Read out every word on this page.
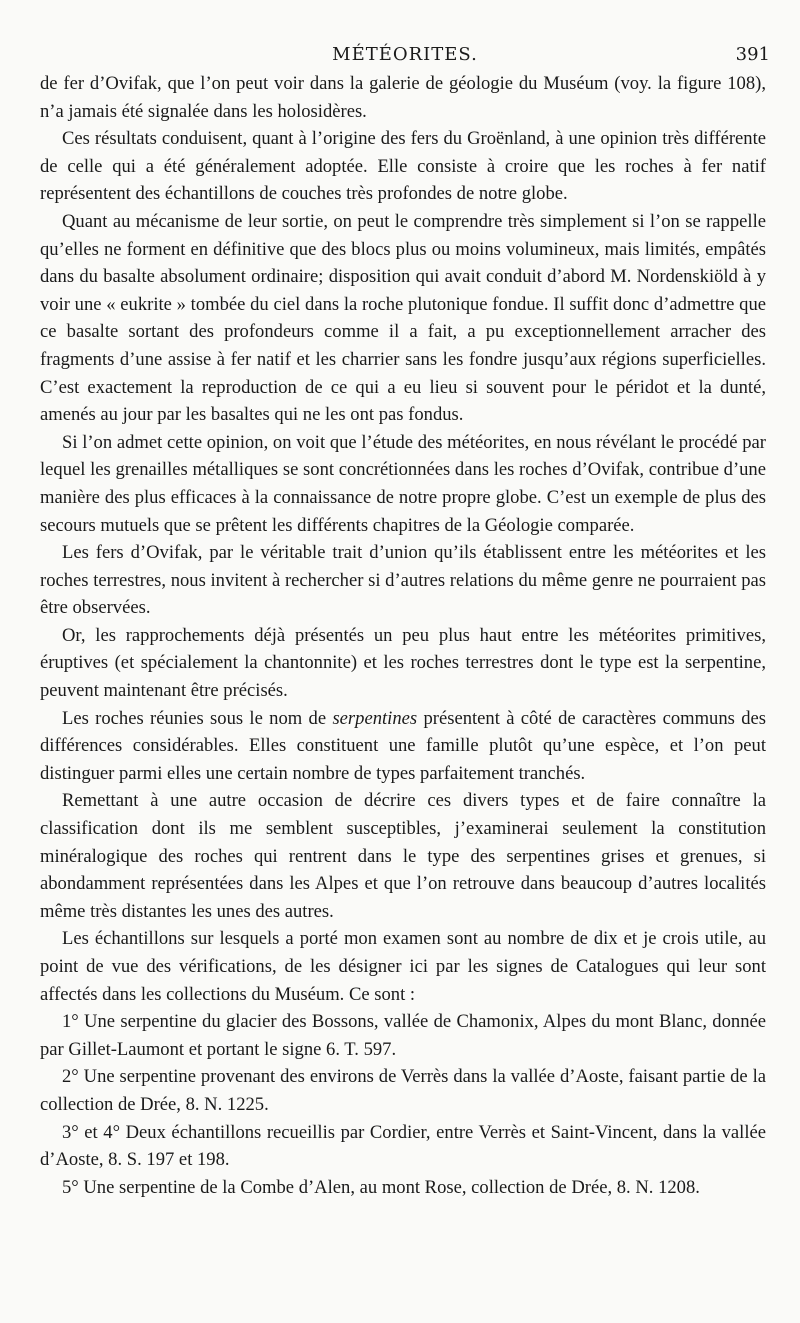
MÉTÉORITES.	391

de fer d’Ovifak, que l’on peut voir dans la galerie de géologie du Muséum (voy. la figure 108), n’a jamais été signalée dans les holosidères.

Ces résultats conduisent, quant à l’origine des fers du Groënland, à une opinion très différente de celle qui a été généralement adoptée. Elle consiste à croire que les roches à fer natif représentent des échantillons de couches très profondes de notre globe.

Quant au mécanisme de leur sortie, on peut le comprendre très simplement si l’on se rappelle qu’elles ne forment en définitive que des blocs plus ou moins volumineux, mais limités, empâtés dans du basalte absolument ordinaire; disposition qui avait conduit d’abord M. Nordenskiöld à y voir une « eukrite » tombée du ciel dans la roche plutonique fondue. Il suffit donc d’admettre que ce basalte sortant des profondeurs comme il a fait, a pu exceptionnellement arracher des fragments d’une assise à fer natif et les charrier sans les fondre jusqu’aux régions superficielles. C’est exactement la reproduction de ce qui a eu lieu si souvent pour le péridot et la dunté, amenés au jour par les basaltes qui ne les ont pas fondus.

Si l’on admet cette opinion, on voit que l’étude des météorites, en nous révélant le procédé par lequel les grenailles métalliques se sont concrétionnées dans les roches d’Ovifak, contribue d’une manière des plus efficaces à la connaissance de notre propre globe. C’est un exemple de plus des secours mutuels que se prêtent les différents chapitres de la Géologie comparée.

Les fers d’Ovifak, par le véritable trait d’union qu’ils établissent entre les météorites et les roches terrestres, nous invitent à rechercher si d’autres relations du même genre ne pourraient pas être observées.

Or, les rapprochements déjà présentés un peu plus haut entre les météorites primitives, éruptives (et spécialement la chantonnite) et les roches terrestres dont le type est la serpentine, peuvent maintenant être précisés.

Les roches réunies sous le nom de serpentines présentent à côté de caractères communs des différences considérables. Elles constituent une famille plutôt qu’une espèce, et l’on peut distinguer parmi elles une certain nombre de types parfaitement tranchés.

Remettant à une autre occasion de décrire ces divers types et de faire connaître la classification dont ils me semblent susceptibles, j’examinerai seulement la constitution minéralogique des roches qui rentrent dans le type des serpentines grises et grenues, si abondamment représentées dans les Alpes et que l’on retrouve dans beaucoup d’autres localités même très distantes les unes des autres.

Les échantillons sur lesquels a porté mon examen sont au nombre de dix et je crois utile, au point de vue des vérifications, de les désigner ici par les signes de Catalogues qui leur sont affectés dans les collections du Muséum. Ce sont :

1° Une serpentine du glacier des Bossons, vallée de Chamonix, Alpes du mont Blanc, donnée par Gillet-Laumont et portant le signe 6. T. 597.

2° Une serpentine provenant des environs de Verrès dans la vallée d’Aoste, faisant partie de la collection de Drée, 8. N. 1225.

3° et 4° Deux échantillons recueillis par Cordier, entre Verrès et Saint-Vincent, dans la vallée d’Aoste, 8. S. 197 et 198.

5° Une serpentine de la Combe d’Alen, au mont Rose, collection de Drée, 8. N. 1208.
